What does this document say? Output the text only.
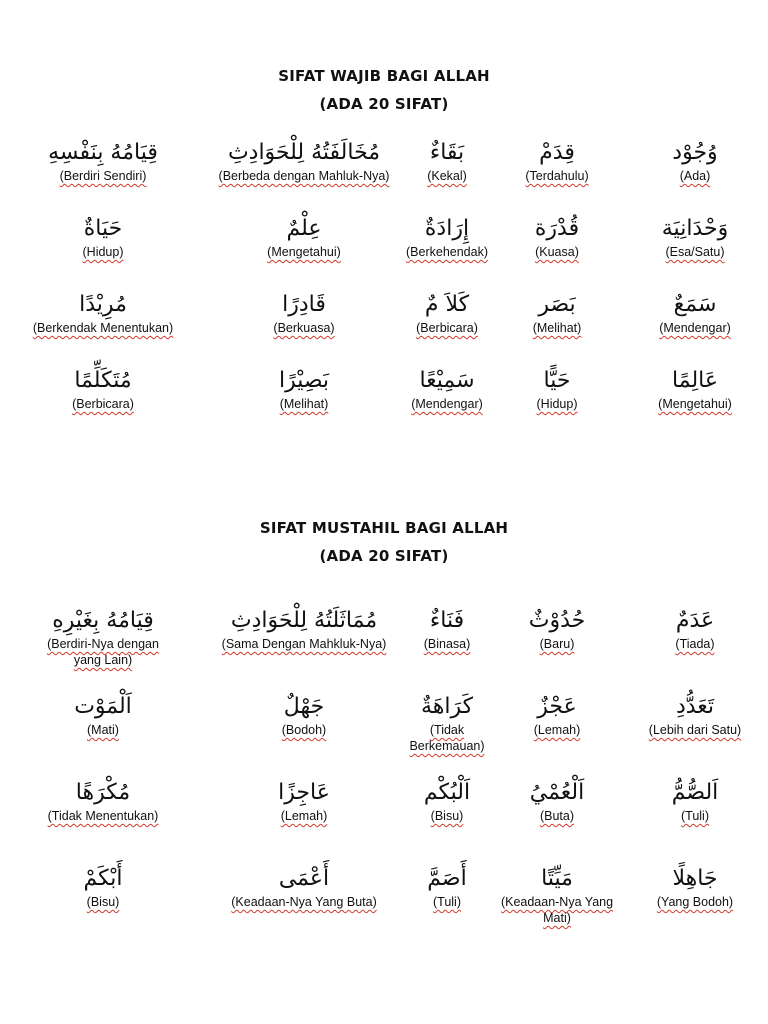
SIFAT WAJIB BAGI ALLAH
(ADA 20 SIFAT)
قِيَامُهُ بِنَفْسِهِ
(Berdiri Sendiri)
مُخَالَفَتُهُ لِلْحَوَادِثِ
(Berbeda dengan Mahluk-Nya)
بَقَاءٌ
(Kekal)
قِدَمْ
(Terdahulu)
وُجُوْد
(Ada)
حَيَاةٌ
(Hidup)
عِلْمٌ
(Mengetahui)
إِرَادَةٌ
(Berkehendak)
قُدْرَة
(Kuasa)
وَحْدَانِيَة
(Esa/Satu)
مُرِيْدًا
(Berkendak Menentukan)
قَادِرًا
(Berkuasa)
كَلاَ مٌ
(Berbicara)
بَصَر
(Melihat)
سَمَعٌ
(Mendengar)
مُتَكَلِّمًا
(Berbicara)
بَصِيْرًا
(Melihat)
سَمِيْعًا
(Mendengar)
حَيًّا
(Hidup)
عَالِمًا
(Mengetahui)
SIFAT MUSTAHIL BAGI ALLAH
(ADA 20 SIFAT)
قِيَامُهُ بِغَيْرِهِ
(Berdiri-Nya dengan yang Lain)
مُمَاثَلَتُهُ لِلْحَوَادِثِ
(Sama Dengan Mahkluk-Nya)
فَنَاءٌ
(Binasa)
حُدُوْثٌ
(Baru)
عَدَمٌ
(Tiada)
اَلْمَوْت
(Mati)
جَهْلٌ
(Bodoh)
كَرَاهَةٌ
(Tidak Berkemauan)
عَجْزٌ
(Lemah)
تَعَدُّدِ
(Lebih dari Satu)
مُكْرَهًا
(Tidak Menentukan)
عَاجِزًا
(Lemah)
اَلْبُكْم
(Bisu)
اَلْعُمْيُ
(Buta)
اَلصُّمُّ
(Tuli)
أَبْكَمْ
(Bisu)
أَعْمَى
(Keadaan-Nya Yang Buta)
أَصَمَّ
(Tuli)
مَيِّتًا
(Keadaan-Nya Yang Mati)
جَاهِلًا
(Yang Bodoh)
